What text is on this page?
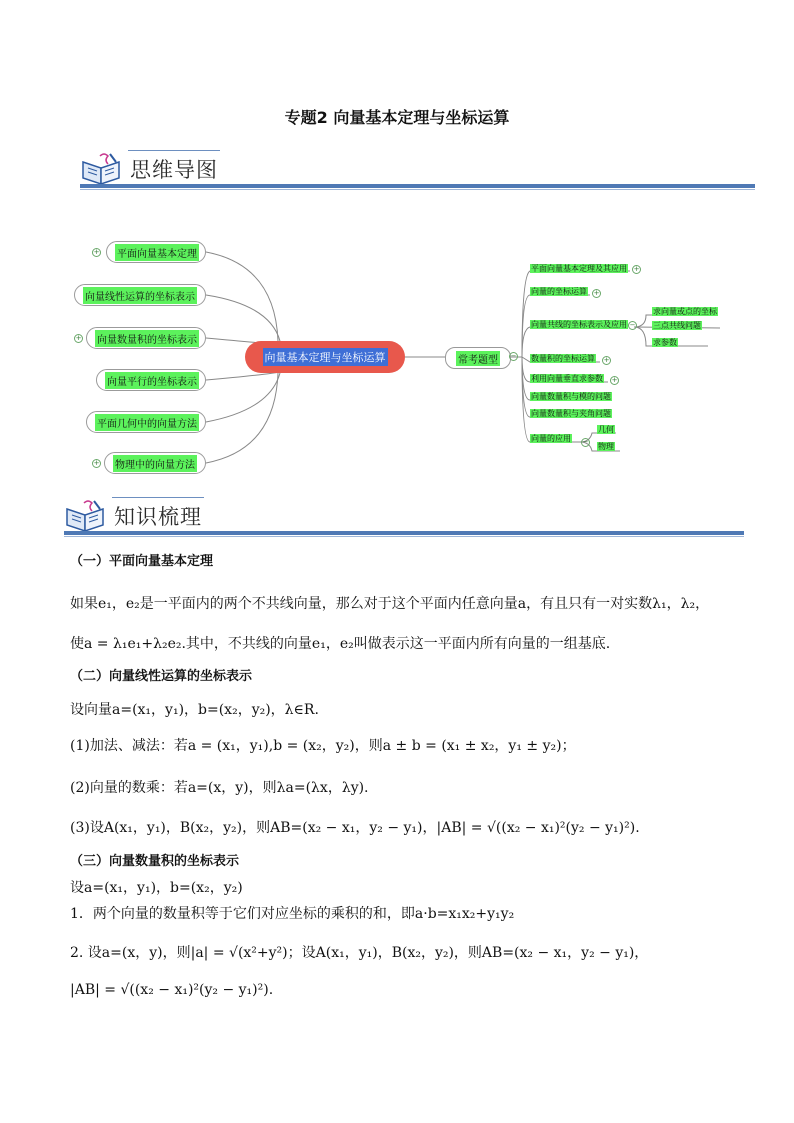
专题2 向量基本定理与坐标运算
思维导图
+ 平面向量基本定理
向量线性运算的坐标表示
+ 向量数量积的坐标表示
向量平行的坐标表示
平面几何中的向量方法
+ 物理中的向量方法
向量基本定理与坐标运算	常考题型 −
平面向量基本定理及其应用 +
向量的坐标运算 +
向量共线的坐标表示及应用 −
求向量或点的坐标
三点共线问题
求参数
数量积的坐标运算 +
利用向量垂直求参数 +
向量数量积与模的问题
向量数量积与夹角问题
向量的应用 −
几何
物理
知识梳理
（一）平面向量基本定理
如果e₁，e₂是一平面内的两个不共线向量，那么对于这个平面内任意向量a，有且只有一对实数λ₁，λ₂，
使a = λ₁e₁+λ₂e₂.其中，不共线的向量e₁，e₂叫做表示这一平面内所有向量的一组基底.
（二）向量线性运算的坐标表示
设向量a=(x₁，y₁)，b=(x₂，y₂)，λ∈R.
(1)加法、减法：若a = (x₁，y₁),b = (x₂，y₂)，则a ± b = (x₁ ± x₂，y₁ ± y₂)；
(2)向量的数乘：若a=(x，y)，则λa=(λx，λy).
(3)设A(x₁，y₁)，B(x₂，y₂)，则AB=(x₂ − x₁，y₂ − y₁)，|AB| = √((x₂ − x₁)²(y₂ − y₁)²).
（三）向量数量积的坐标表示
设a=(x₁，y₁)，b=(x₂，y₂)
1．两个向量的数量积等于它们对应坐标的乘积的和，即a·b=x₁x₂+y₁y₂
2. 设a=(x，y)，则|a| = √(x²+y²)；设A(x₁，y₁)，B(x₂，y₂)，则AB=(x₂ − x₁，y₂ − y₁)，
|AB| = √((x₂ − x₁)²(y₂ − y₁)²).
